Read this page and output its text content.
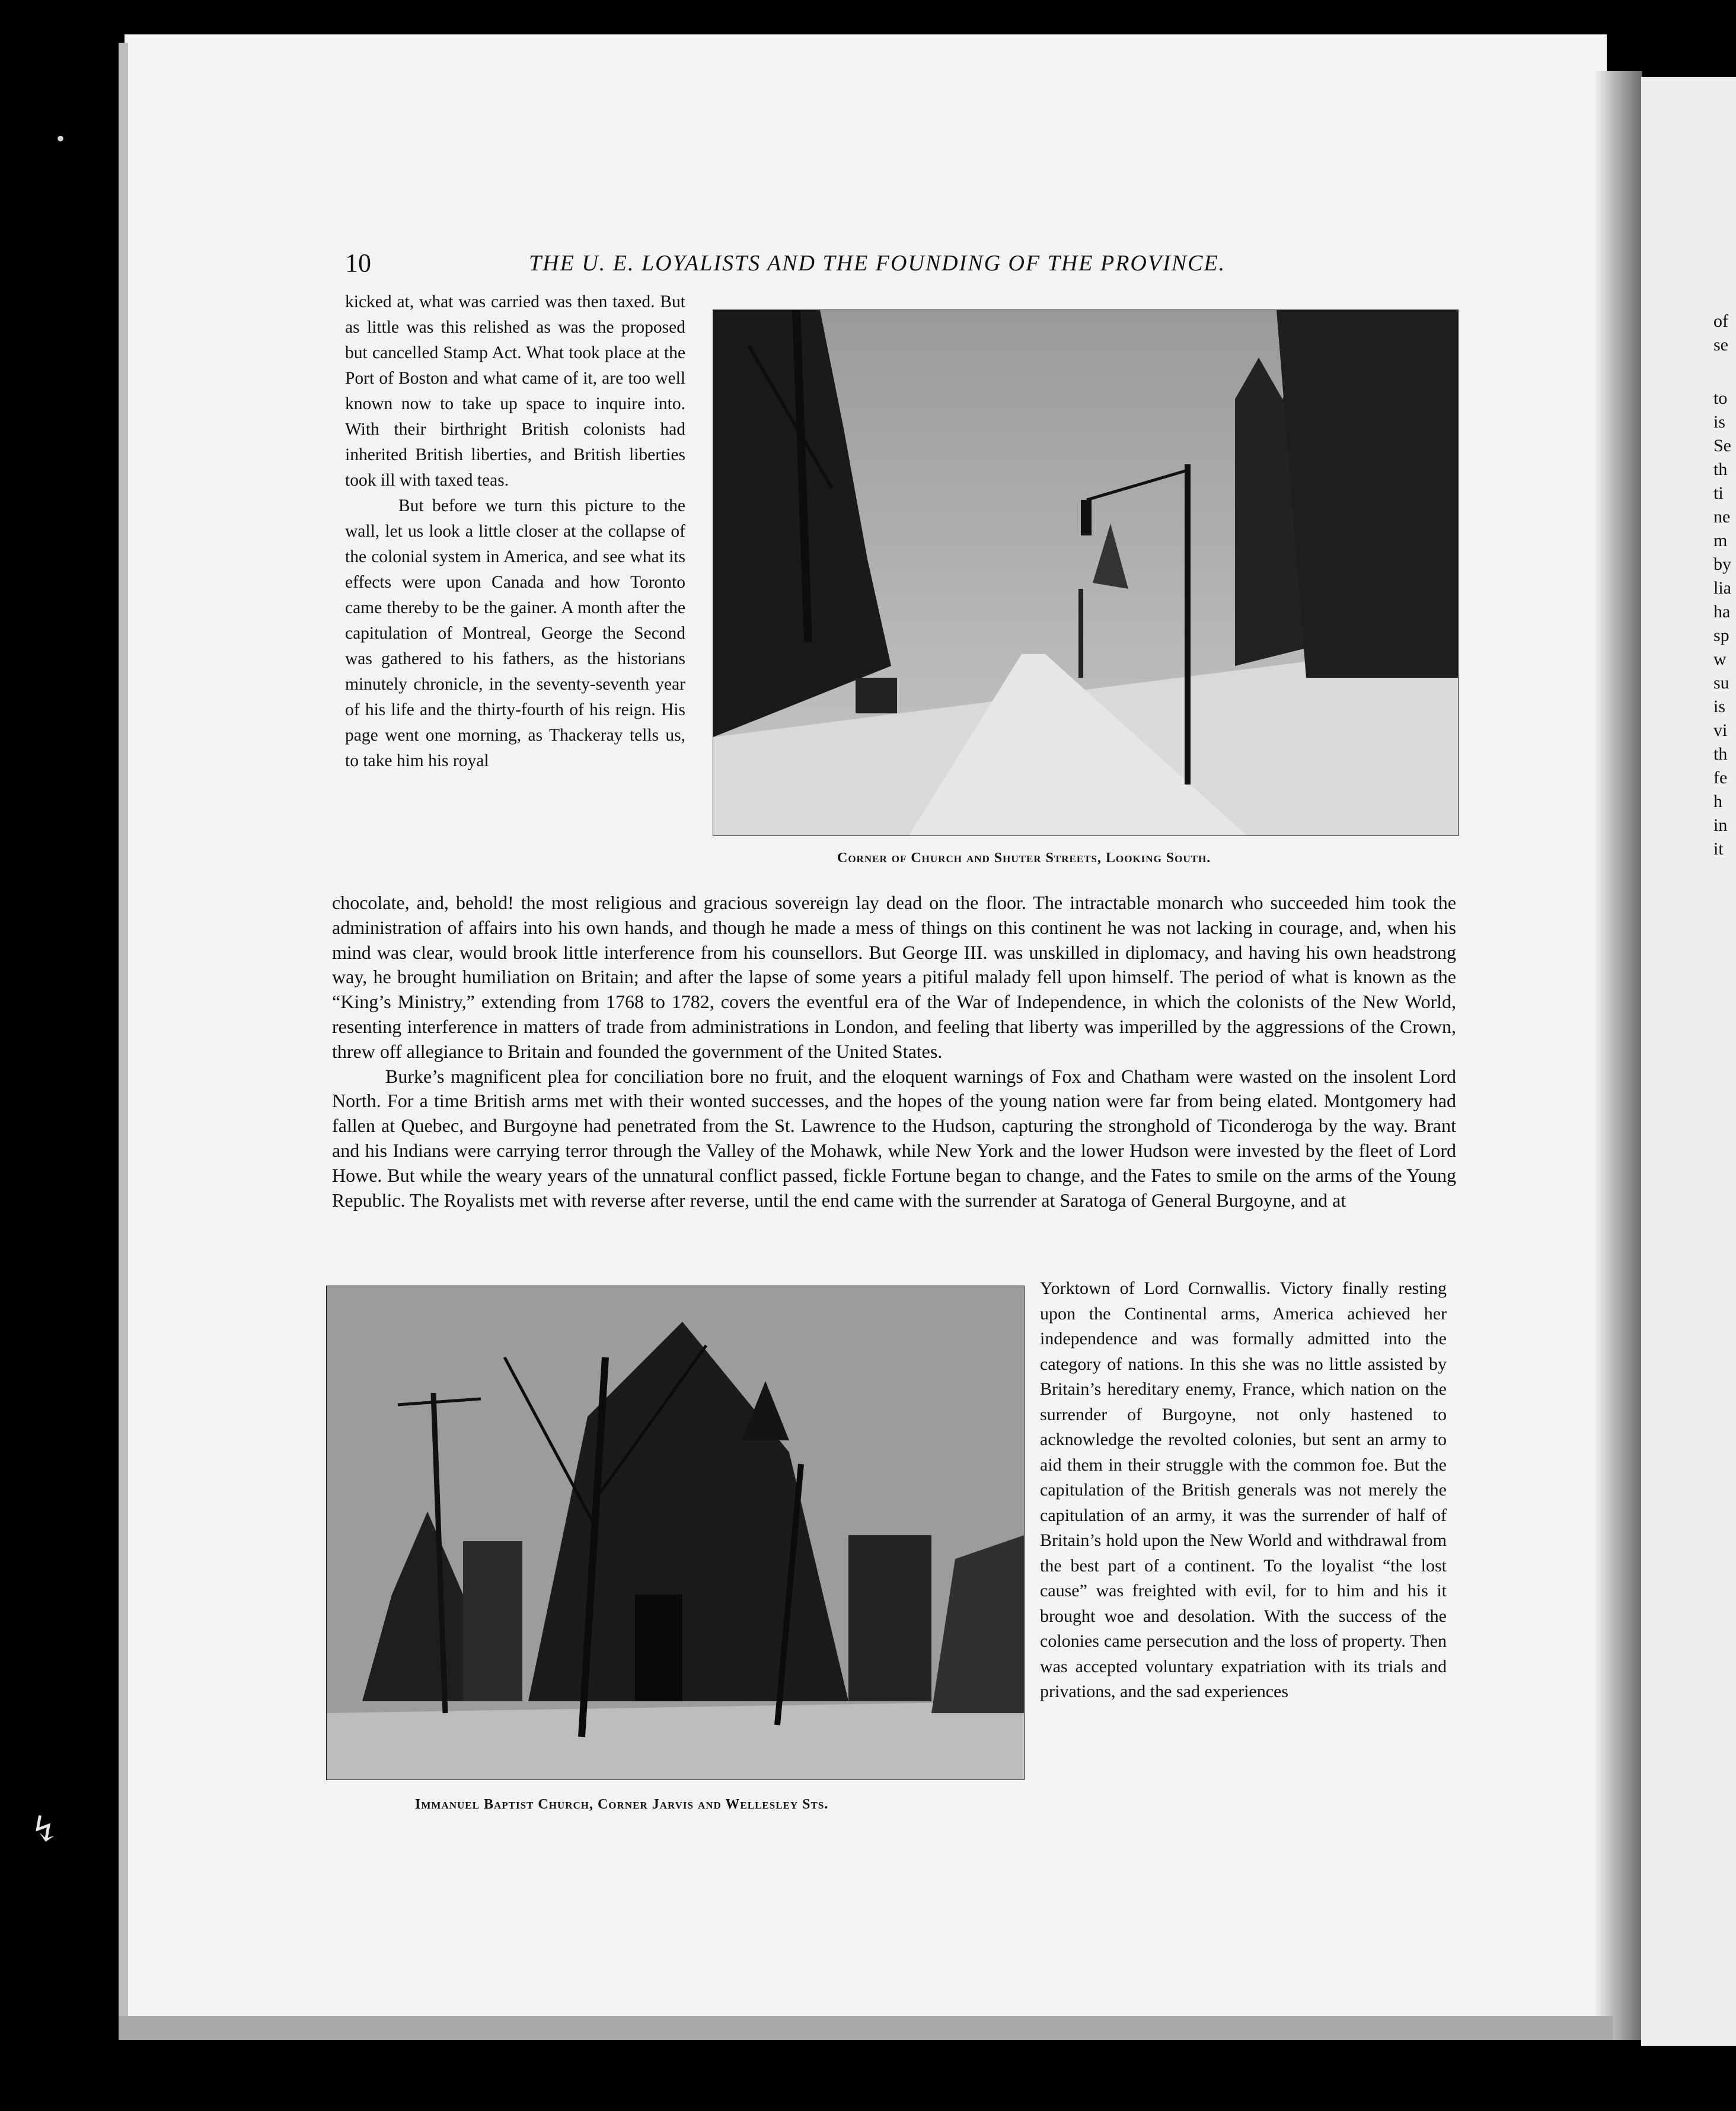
•
↯
10	THE U. E. LOYALISTS AND THE FOUNDING OF THE PROVINCE.

kicked at, what was carried was then taxed. But as little was this relished as was the proposed but cancelled Stamp Act. What took place at the Port of Boston and what came of it, are too well known now to take up space to inquire into. With their birthright British colonists had inherited British liberties, and British liberties took ill with taxed teas.

But before we turn this picture to the wall, let us look a little closer at the collapse of the colonial system in America, and see what its effects were upon Canada and how Toronto came thereby to be the gainer. A month after the capitulation of Montreal, George the Second was gathered to his fathers, as the historians minutely chronicle, in the seventy-seventh year of his life and the thirty-fourth of his reign. His page went one morning, as Thackeray tells us, to take him his royal

Corner of Church and Shuter Streets, Looking South.

chocolate, and, behold! the most religious and gracious sovereign lay dead on the floor. The intractable monarch who succeeded him took the administration of affairs into his own hands, and though he made a mess of things on this continent he was not lacking in courage, and, when his mind was clear, would brook little interference from his counsellors. But George III. was unskilled in diplomacy, and having his own headstrong way, he brought humiliation on Britain; and after the lapse of some years a pitiful malady fell upon himself. The period of what is known as the “King’s Ministry,” extending from 1768 to 1782, covers the eventful era of the War of Independence, in which the colonists of the New World, resenting interference in matters of trade from administrations in London, and feeling that liberty was imperilled by the aggressions of the Crown, threw off allegiance to Britain and founded the government of the United States.

Burke’s magnificent plea for conciliation bore no fruit, and the eloquent warnings of Fox and Chatham were wasted on the insolent Lord North. For a time British arms met with their wonted successes, and the hopes of the young nation were far from being elated. Montgomery had fallen at Quebec, and Burgoyne had penetrated from the St. Lawrence to the Hudson, capturing the stronghold of Ticonderoga by the way. Brant and his Indians were carrying terror through the Valley of the Mohawk, while New York and the lower Hudson were invested by the fleet of Lord Howe. But while the weary years of the unnatural conflict passed, fickle Fortune began to change, and the Fates to smile on the arms of the Young Republic. The Royalists met with reverse after reverse, until the end came with the surrender at Saratoga of General Burgoyne, and at

Immanuel Baptist Church, Corner Jarvis and Wellesley Sts.
Yorktown of Lord Cornwallis. Victory finally resting upon the Continental arms, America achieved her independence and was formally admitted into the category of nations. In this she was no little assisted by Britain’s hereditary enemy, France, which nation on the surrender of Burgoyne, not only hastened to acknowledge the revolted colonies, but sent an army to aid them in their struggle with the common foe. But the capitulation of the British generals was not merely the capitulation of an army, it was the surrender of half of Britain’s hold upon the New World and withdrawal from the best part of a continent. To the loyalist “the lost cause” was freighted with evil, for to him and his it brought woe and desolation. With the success of the colonies came persecution and the loss of property. Then was accepted voluntary expatriation with its trials and privations, and the sad experiences
of
se
to
is
Se
th
ti
ne
m
by
lia
ha
sp
w
su
is
vi
th
fe
h
in
it
